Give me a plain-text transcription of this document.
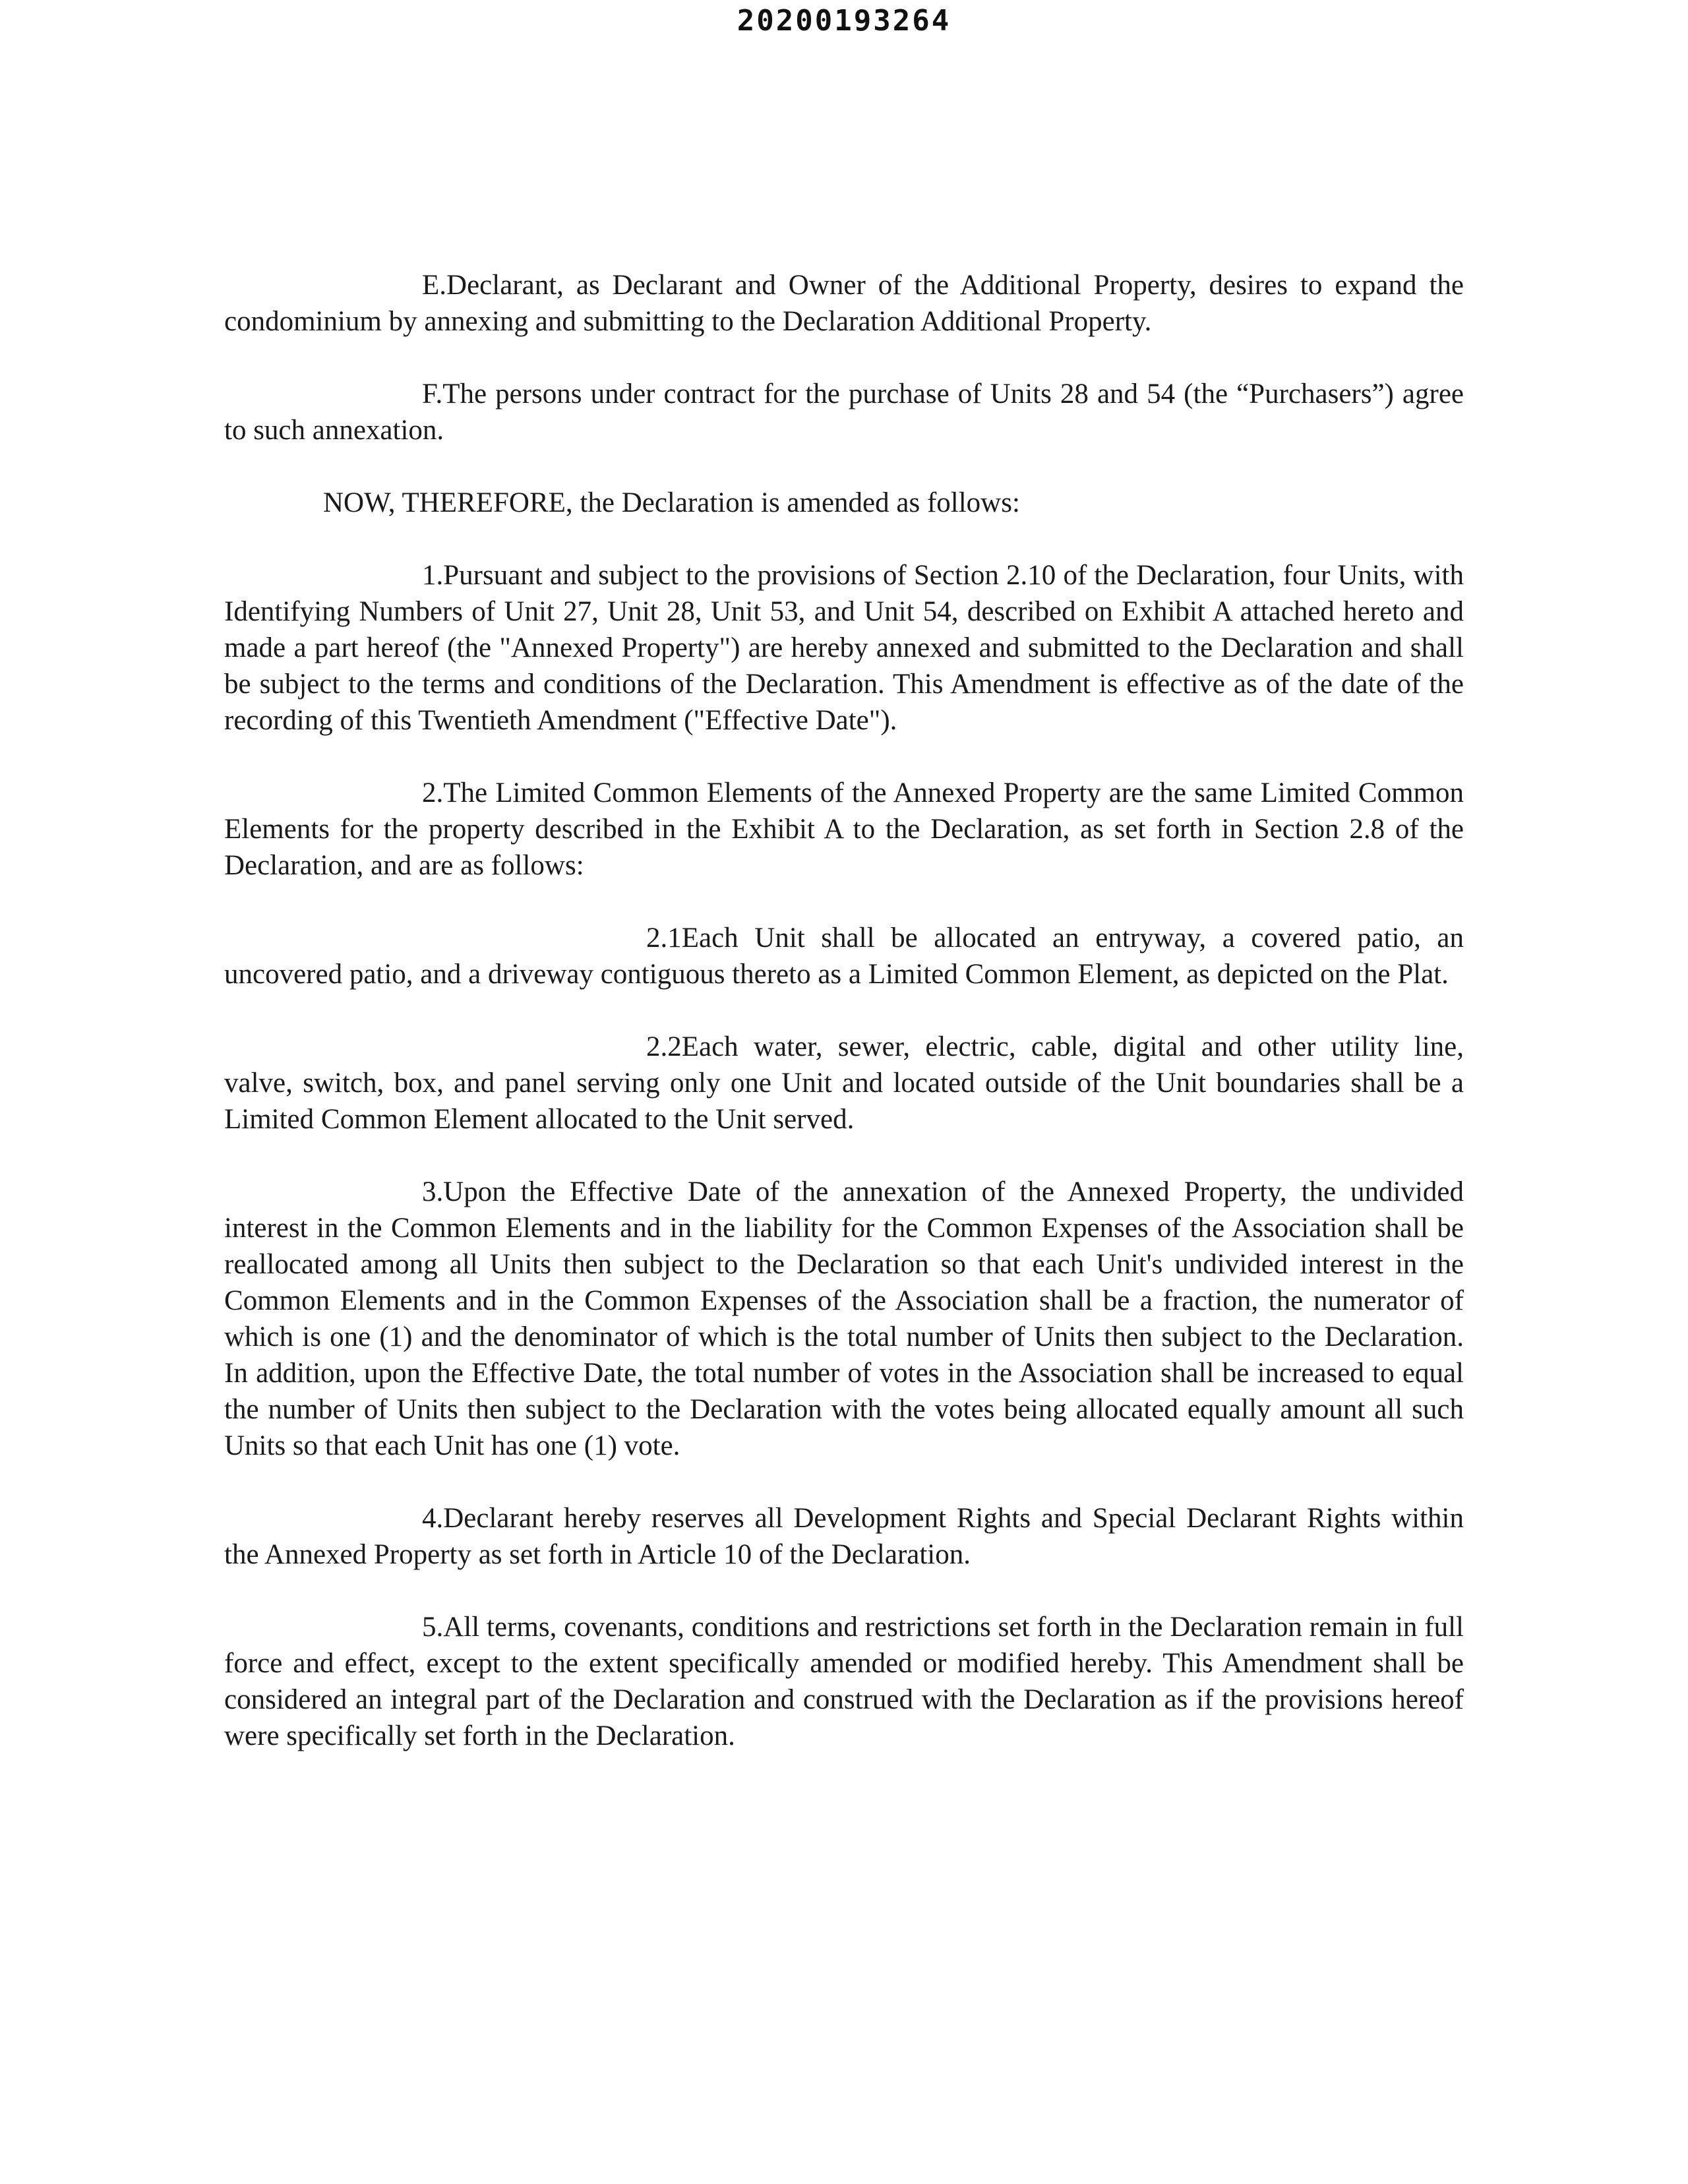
20200193264

E.Declarant, as Declarant and Owner of the Additional Property, desires to expand the condominium by annexing and submitting to the Declaration Additional Property.

F.The persons under contract for the purchase of Units 28 and 54 (the “Purchasers”) agree to such annexation.

NOW, THEREFORE, the Declaration is amended as follows:

1.Pursuant and subject to the provisions of Section 2.10 of the Declaration, four Units, with Identifying Numbers of Unit 27, Unit 28, Unit 53, and Unit 54, described on Exhibit A attached hereto and made a part hereof (the "Annexed Property") are hereby annexed and submitted to the Declaration and shall be subject to the terms and conditions of the Declaration. This Amendment is effective as of the date of the recording of this Twentieth Amendment ("Effective Date").

2.The Limited Common Elements of the Annexed Property are the same Limited Common Elements for the property described in the Exhibit A to the Declaration, as set forth in Section 2.8 of the Declaration, and are as follows:

2.1Each Unit shall be allocated an entryway, a covered patio, an uncovered patio, and a driveway contiguous thereto as a Limited Common Element, as depicted on the Plat.

2.2Each water, sewer, electric, cable, digital and other utility line, valve, switch, box, and panel serving only one Unit and located outside of the Unit boundaries shall be a Limited Common Element allocated to the Unit served.

3.Upon the Effective Date of the annexation of the Annexed Property, the undivided interest in the Common Elements and in the liability for the Common Expenses of the Association shall be reallocated among all Units then subject to the Declaration so that each Unit's undivided interest in the Common Elements and in the Common Expenses of the Association shall be a fraction, the numerator of which is one (1) and the denominator of which is the total number of Units then subject to the Declaration. In addition, upon the Effective Date, the total number of votes in the Association shall be increased to equal the number of Units then subject to the Declaration with the votes being allocated equally amount all such Units so that each Unit has one (1) vote.

4.Declarant hereby reserves all Development Rights and Special Declarant Rights within the Annexed Property as set forth in Article 10 of the Declaration.

5.All terms, covenants, conditions and restrictions set forth in the Declaration remain in full force and effect, except to the extent specifically amended or modified hereby. This Amendment shall be considered an integral part of the Declaration and construed with the Declaration as if the provisions hereof were specifically set forth in the Declaration.
